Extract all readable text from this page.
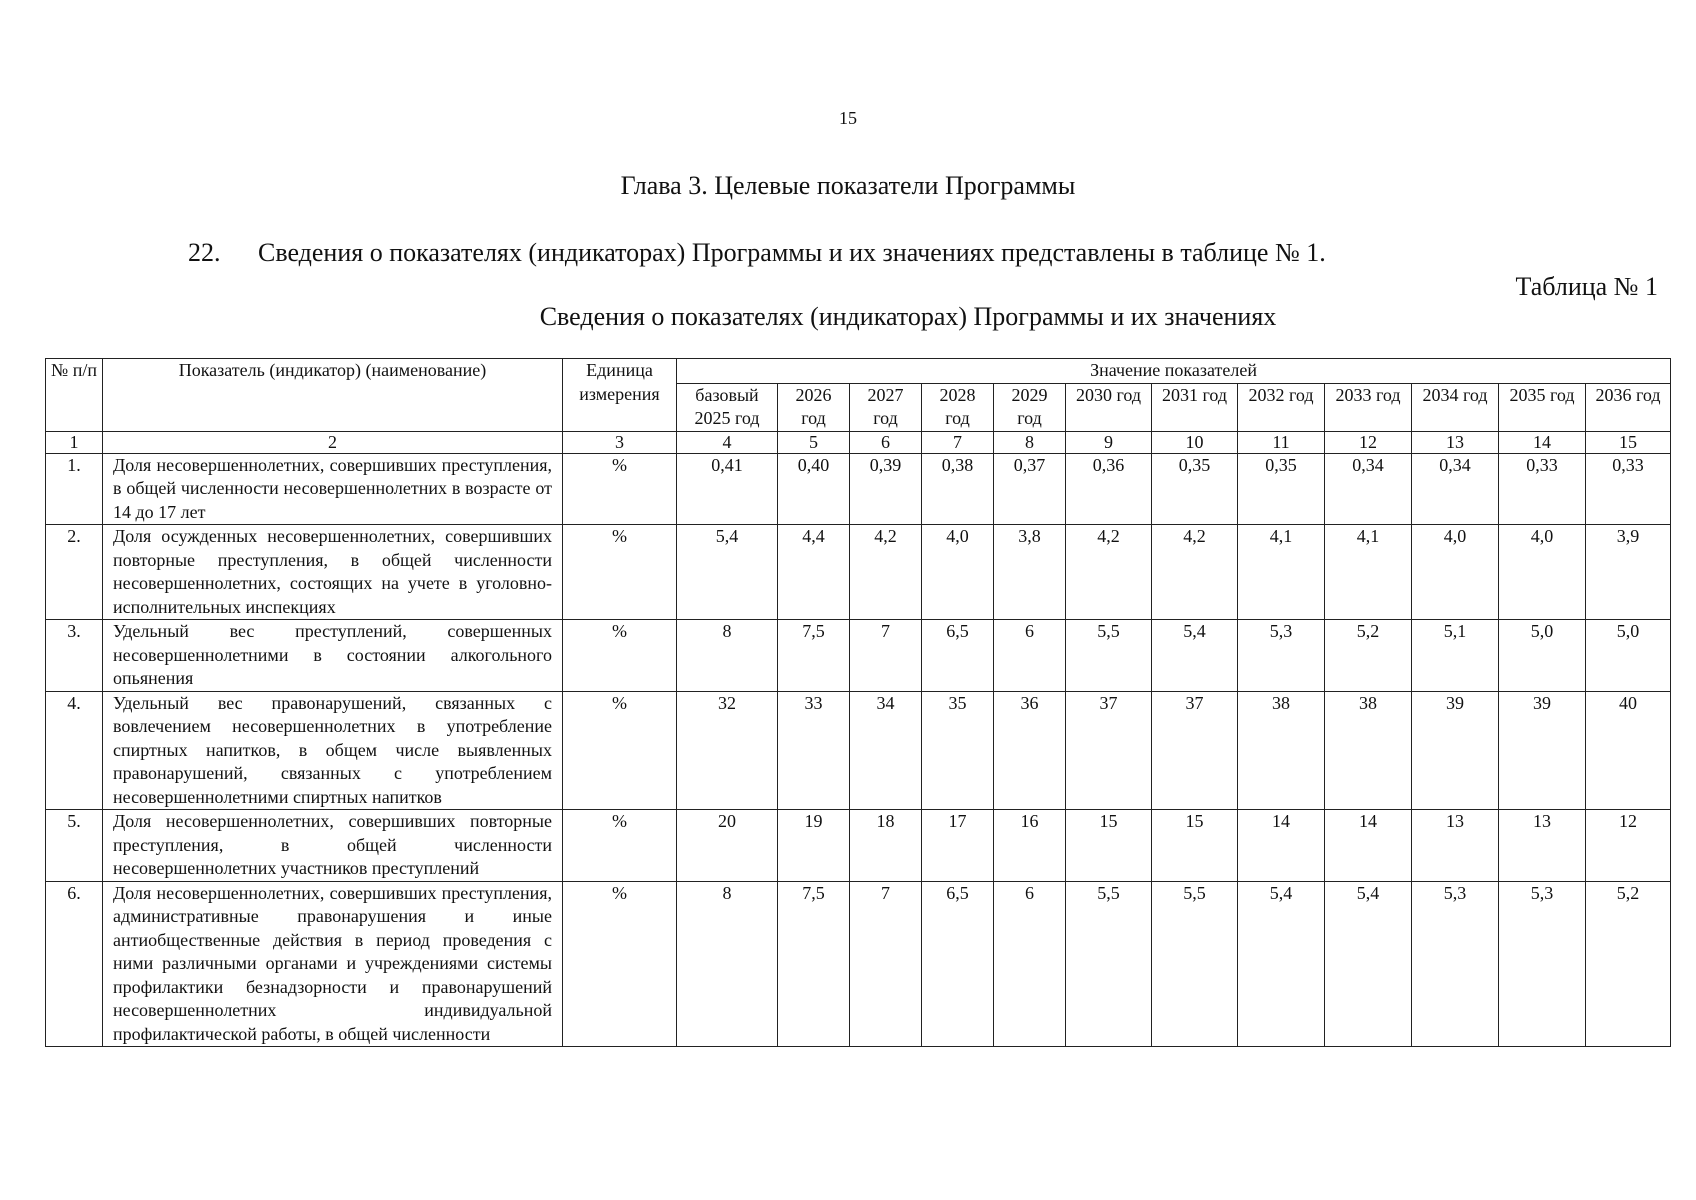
15
Глава 3. Целевые показатели Программы
22. Сведения о показателях (индикаторах) Программы и их значениях представлены в таблице № 1.
Таблица № 1
Сведения о показателях (индикаторах) Программы и их значениях
№ п/п	Показатель (индикатор) (наименование)	Единица измерения	Значение показателей											
			базовый 2025 год	2026 год	2027 год	2028 год	2029 год	2030 год	2031 год	2032 год	2033 год	2034 год	2035 год	2036 год
1	2	3	4	5	6	7	8	9	10	11	12	13	14	15
1.	Доля несовершеннолетних, совершивших преступления, в общей численности несовершеннолетних в возрасте от 14 до 17 лет	%	0,41	0,40	0,39	0,38	0,37	0,36	0,35	0,35	0,34	0,34	0,33	0,33
2.	Доля осужденных несовершеннолетних, совершивших повторные преступления, в общей численности несовершеннолетних, состоящих на учете в уголовно-исполнительных инспекциях	%	5,4	4,4	4,2	4,0	3,8	4,2	4,2	4,1	4,1	4,0	4,0	3,9
3.	Удельный вес преступлений, совершенных несовершеннолетними в состоянии алкогольного опьянения	%	8	7,5	7	6,5	6	5,5	5,4	5,3	5,2	5,1	5,0	5,0
4.	Удельный вес правонарушений, связанных с вовлечением несовершеннолетних в употребление спиртных напитков, в общем числе выявленных правонарушений, связанных с употреблением несовершеннолетними спиртных напитков	%	32	33	34	35	36	37	37	38	38	39	39	40
5.	Доля несовершеннолетних, совершивших повторные преступления, в общей численности несовершеннолетних участников преступлений	%	20	19	18	17	16	15	15	14	14	13	13	12
6.	Доля несовершеннолетних, совершивших преступления, административные правонарушения и иные антиобщественные действия в период проведения с ними различными органами и учреждениями системы профилактики безнадзорности и правонарушений несовершеннолетних индивидуальной профилактической работы, в общей численности	%	8	7,5	7	6,5	6	5,5	5,5	5,4	5,4	5,3	5,3	5,2
